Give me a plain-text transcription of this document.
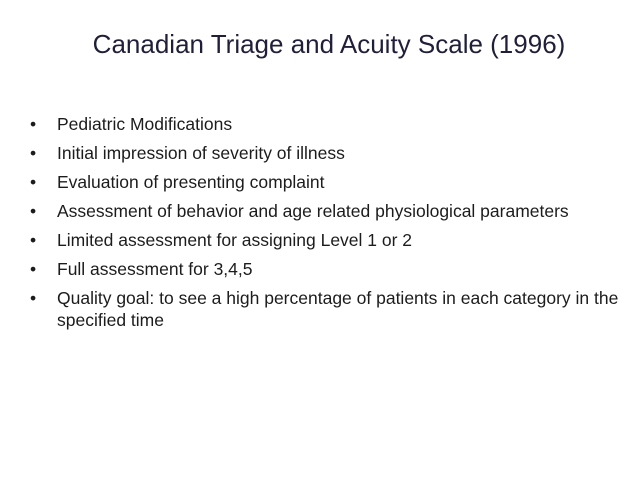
Canadian Triage and Acuity Scale (1996)
• Pediatric Modifications
• Initial impression of severity of illness
• Evaluation of presenting complaint
• Assessment of behavior and age related physiological parameters
• Limited assessment for assigning Level 1 or 2
• Full assessment for 3,4,5
• Quality goal: to see a high percentage of patients in each category in the specified time
